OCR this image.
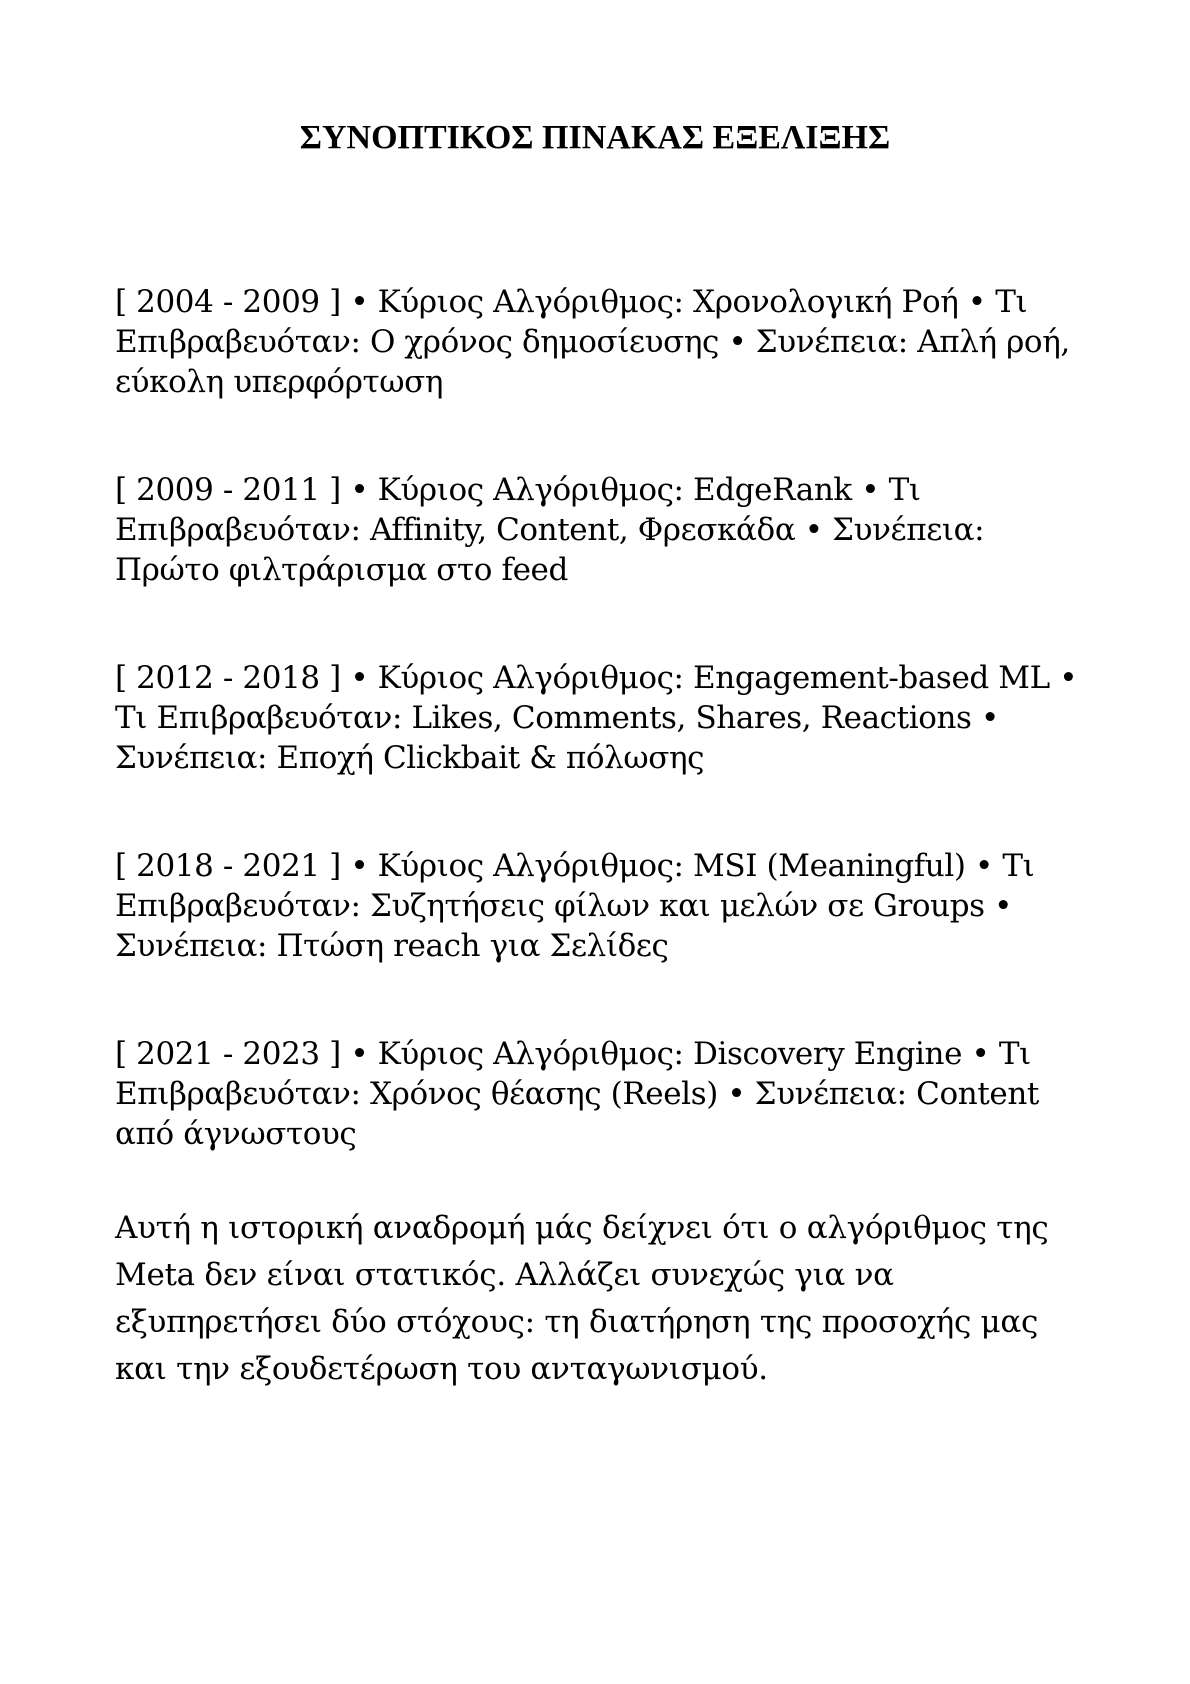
ΣΥΝΟΠΤΙΚΟΣ ΠΙΝΑΚΑΣ ΕΞΕΛΙΞΗΣ

[ 2004 - 2009 ] • Κύριος Αλγόριθμος: Χρονολογική Ροή • Τι Επιβραβευόταν: Ο χρόνος δημοσίευσης • Συνέπεια: Απλή ροή, εύκολη υπερφόρτωση

[ 2009 - 2011 ] • Κύριος Αλγόριθμος: EdgeRank • Τι Επιβραβευόταν: Affinity, Content, Φρεσκάδα • Συνέπεια: Πρώτο φιλτράρισμα στο feed

[ 2012 - 2018 ] • Κύριος Αλγόριθμος: Engagement-based ML • Τι Επιβραβευόταν: Likes, Comments, Shares, Reactions • Συνέπεια: Εποχή Clickbait & πόλωσης

[ 2018 - 2021 ] • Κύριος Αλγόριθμος: MSI (Meaningful) • Τι Επιβραβευόταν: Συζητήσεις φίλων και μελών σε Groups • Συνέπεια: Πτώση reach για Σελίδες

[ 2021 - 2023 ] • Κύριος Αλγόριθμος: Discovery Engine • Τι Επιβραβευόταν: Χρόνος θέασης (Reels) • Συνέπεια: Content από άγνωστους

Αυτή η ιστορική αναδρομή μάς δείχνει ότι ο αλγόριθμος της Meta δεν είναι στατικός. Αλλάζει συνεχώς για να εξυπηρετήσει δύο στόχους: τη διατήρηση της προσοχής μας και την εξουδετέρωση του ανταγωνισμού.
